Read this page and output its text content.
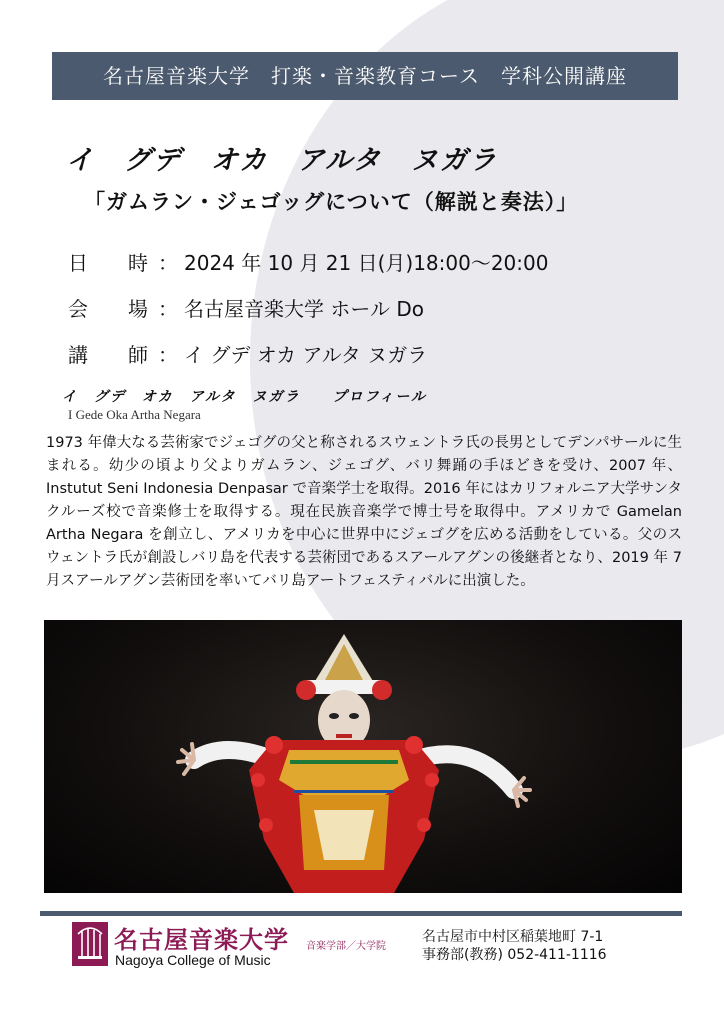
名古屋音楽大学　打楽・音楽教育コース　学科公開講座
イ　グデ　オカ　アルタ　ヌガラ
「ガムラン・ジェゴッグについて（解説と奏法）」
日　時 ： 2024 年 10 月 21 日(月)18:00～20:00
会　場 ： 名古屋音楽大学 ホール Do
講　師 ： イ グデ オカ アルタ ヌガラ
イ　グデ　オカ　アルタ　ヌガラ　　プロフィール
I Gede Oka Artha Negara
1973 年偉大なる芸術家でジェゴグの父と称されるスウェントラ氏の長男としてデンパサールに生まれる。幼少の頃より父よりガムラン、ジェゴグ、バリ舞踊の手ほどきを受け、2007 年、Instutut Seni Indonesia Denpasar で音楽学士を取得。2016 年にはカリフォルニア大学サンタクルーズ校で音楽修士を取得する。現在民族音楽学で博士号を取得中。アメリカで Gamelan Artha Negara を創立し、アメリカを中心に世界中にジェゴグを広める活動をしている。父のスウェントラ氏が創設しバリ島を代表する芸術団であるスアールアグンの後継者となり、2019 年 7 月スアールアグン芸術団を率いてバリ島アートフェスティバルに出演した。
名古屋音楽大学 音楽学部／大学院
Nagoya College of Music
名古屋市中村区稲葉地町 7-1
事務部(教務) 052-411-1116
